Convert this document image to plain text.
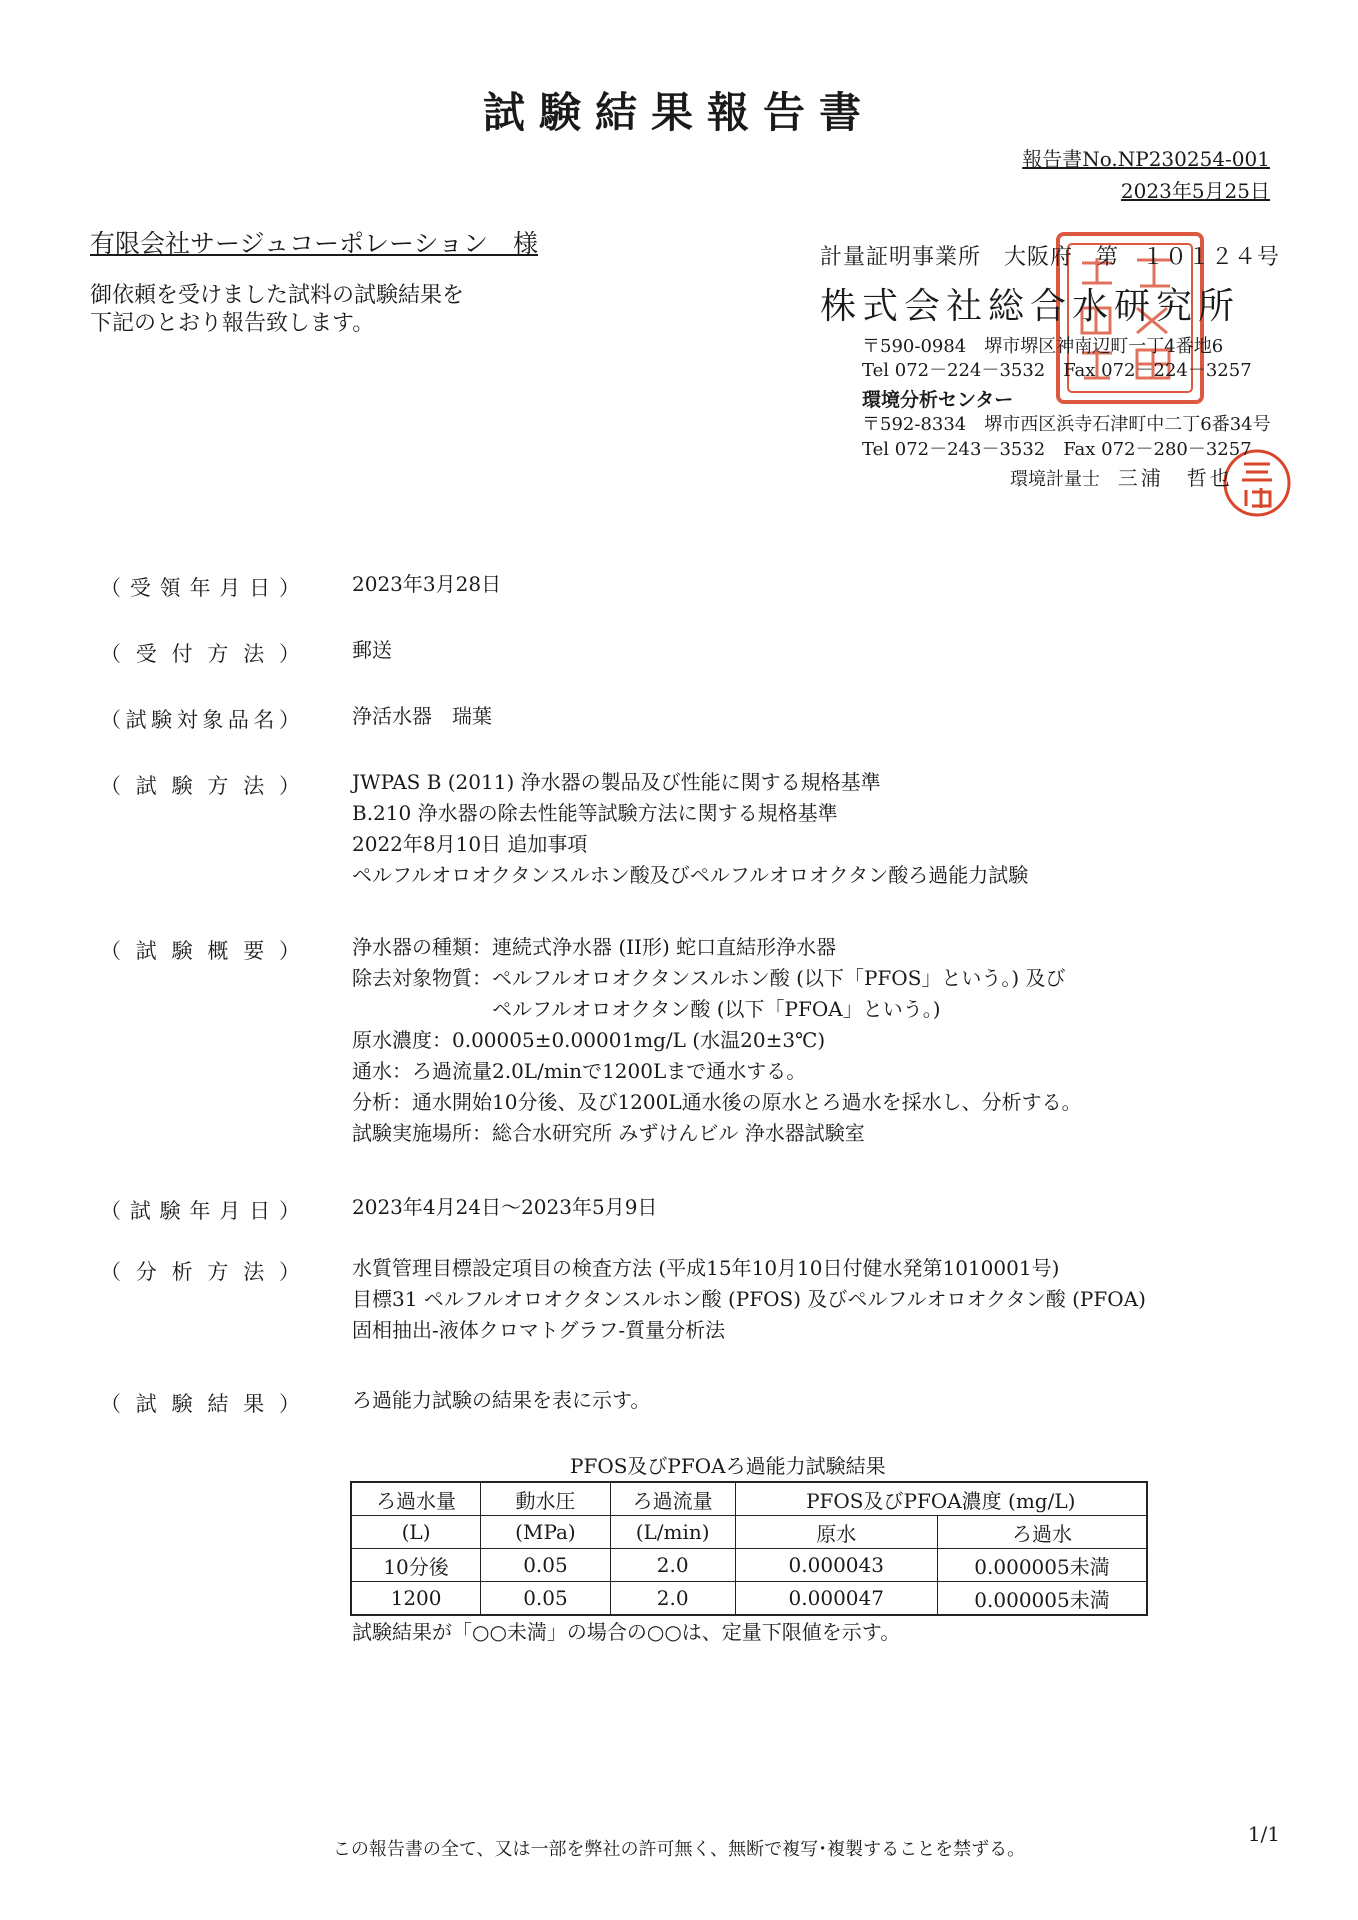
試験結果報告書
報告書No.NP230254-001
2023年5月25日
有限会社サージュコーポレーション　様
御依頼を受けました試料の試験結果を
下記のとおり報告致します。
計量証明事業所　大阪府　第　１０１２４号
株式会社総合水研究所
〒590-0984　堺市堺区神南辺町一丁4番地6
Tel 072－224－3532　Fax 072－224－3257
環境分析センター
〒592-8334　堺市西区浜寺石津町中二丁6番34号
Tel 072－243－3532　Fax 072－280－3257
環境計量士 三浦　哲也
（ 受 領 年 月 日 ）	2023年3月28日
（ 受 付 方 法 ）	郵送
（ 試 験 対 象 品 名 ）	浄活水器　瑞葉
（ 試 験 方 法 ）	JWPAS B (2011) 浄水器の製品及び性能に関する規格基準
B.210 浄水器の除去性能等試験方法に関する規格基準
2022年8月10日 追加事項
ペルフルオロオクタンスルホン酸及びペルフルオロオクタン酸ろ過能力試験
（ 試 験 概 要 ）	浄水器の種類：連続式浄水器 (II形) 蛇口直結形浄水器
除去対象物質：ペルフルオロオクタンスルホン酸 (以下「PFOS」という。) 及び
　　　　　　　ペルフルオロオクタン酸 (以下「PFOA」という。)
原水濃度：0.00005±0.00001mg/L (水温20±3℃)
通水：ろ過流量2.0L/minで1200Lまで通水する。
分析：通水開始10分後、及び1200L通水後の原水とろ過水を採水し、分析する。
試験実施場所：総合水研究所 みずけんビル 浄水器試験室
（ 試 験 年 月 日 ）	2023年4月24日～2023年5月9日
（ 分 析 方 法 ）	水質管理目標設定項目の検査方法 (平成15年10月10日付健水発第1010001号)
目標31 ペルフルオロオクタンスルホン酸 (PFOS) 及びペルフルオロオクタン酸 (PFOA)
固相抽出-液体クロマトグラフ-質量分析法
（ 試 験 結 果 ）	ろ過能力試験の結果を表に示す。
PFOS及びPFOAろ過能力試験結果
ろ過水量	動水圧	ろ過流量	PFOS及びPFOA濃度 (mg/L)	
(L)	(MPa)	(L/min)	原水	ろ過水
10分後	0.05	2.0	0.000043	0.000005未満
1200	0.05	2.0	0.000047	0.000005未満
試験結果が「○○未満」の場合の○○は、定量下限値を示す。
この報告書の全て、又は一部を弊社の許可無く、無断で複写･複製することを禁ずる。
1/1
